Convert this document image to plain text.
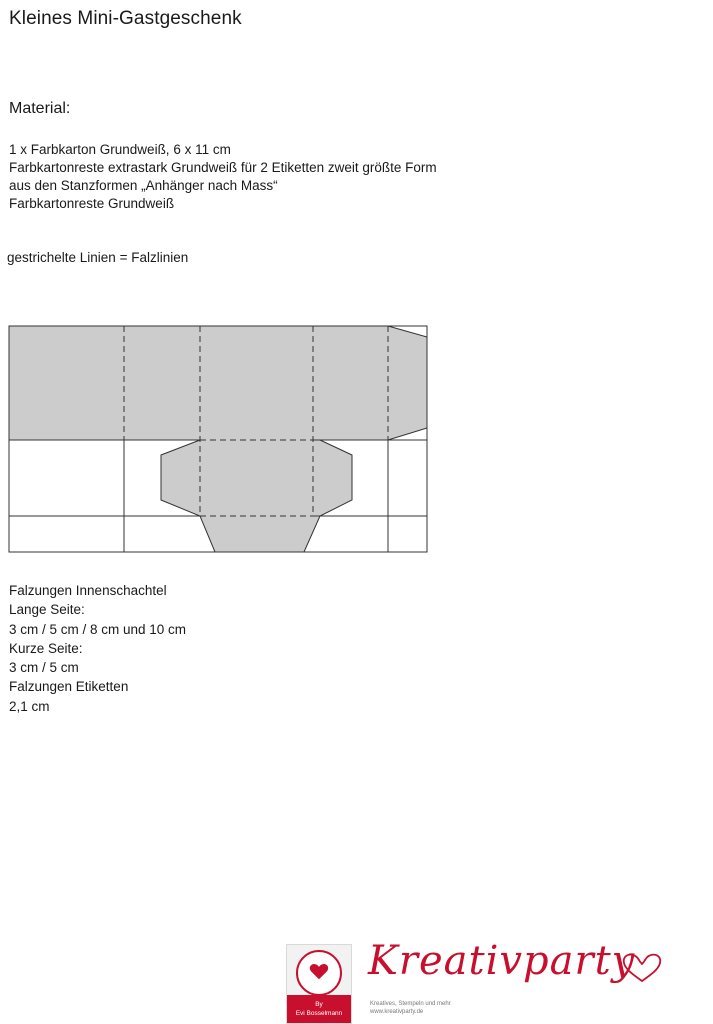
Kleines Mini-Gastgeschenk
Material:
1 x Farbkarton Grundweiß, 6 x 11 cm
Farbkartonreste extrastark Grundweiß für 2 Etiketten zweit größte Form
aus den Stanzformen „Anhänger nach Mass“
Farbkartonreste Grundweiß
gestrichelte Linien = Falzlinien
Falzungen Innenschachtel
Lange Seite:
3 cm / 5 cm / 8 cm und 10 cm
Kurze Seite:
3 cm / 5 cm
Falzungen Etiketten
2,1 cm
By
Evi Bosselmann
Kreativparty
Kreatives, Stempeln und mehr
www.kreativparty.de
